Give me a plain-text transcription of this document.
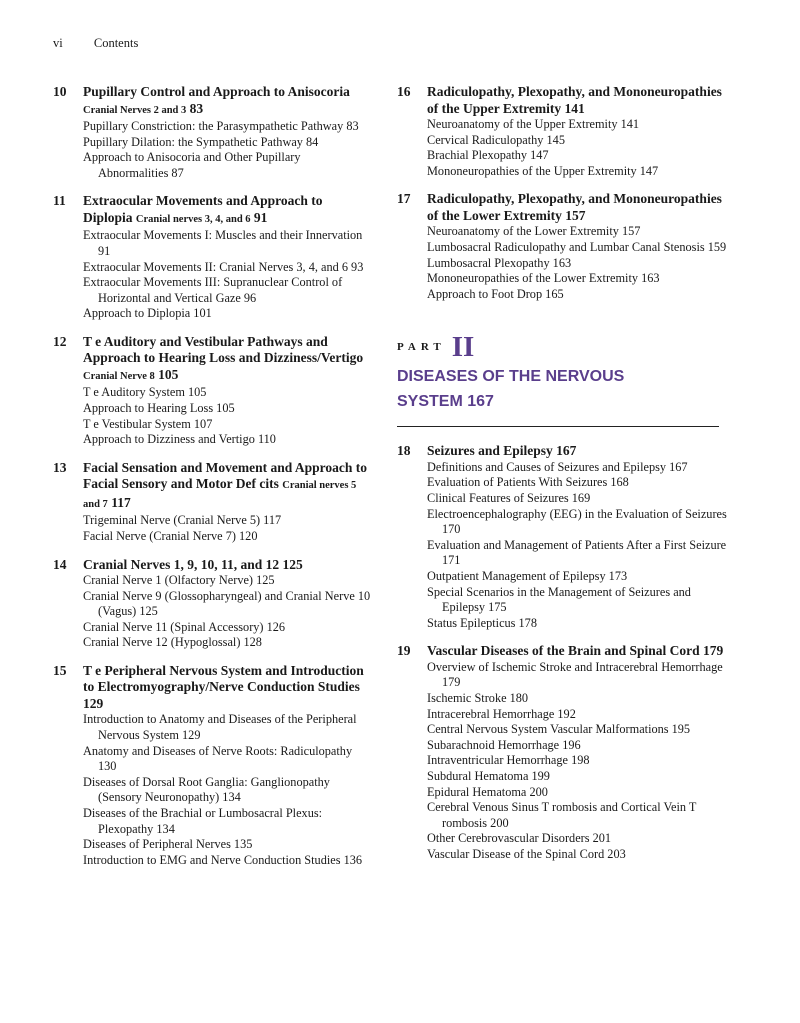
vi Contents
10	Pupillary Control and Approach to Anisocoria Cranial Nerves 2 and 3 83
Pupillary Constriction: the Parasympathetic Pathway 83
Pupillary Dilation: the Sympathetic Pathway 84
Approach to Anisocoria and Other Pupillary Abnormalities 87
11	Extraocular Movements and Approach to Diplopia Cranial nerves 3, 4, and 6 91
Extraocular Movements I: Muscles and their Innervation 91
Extraocular Movements II: Cranial Nerves 3, 4, and 6 93
Extraocular Movements III: Supranuclear Control of Horizontal and Vertical Gaze 96
Approach to Diplopia 101
12	T e Auditory and Vestibular Pathways and Approach to Hearing Loss and Dizziness/Vertigo Cranial Nerve 8 105
T e Auditory System 105
Approach to Hearing Loss 105
T e Vestibular System 107
Approach to Dizziness and Vertigo 110
13	Facial Sensation and Movement and Approach to Facial Sensory and Motor Def cits Cranial nerves 5 and 7 117
Trigeminal Nerve (Cranial Nerve 5) 117
Facial Nerve (Cranial Nerve 7) 120
14	Cranial Nerves 1, 9, 10, 11, and 12 125
Cranial Nerve 1 (Olfactory Nerve) 125
Cranial Nerve 9 (Glossopharyngeal) and Cranial Nerve 10 (Vagus) 125
Cranial Nerve 11 (Spinal Accessory) 126
Cranial Nerve 12 (Hypoglossal) 128
15	T e Peripheral Nervous System and Introduction to Electromyography/Nerve Conduction Studies 129
Introduction to Anatomy and Diseases of the Peripheral Nervous System 129
Anatomy and Diseases of Nerve Roots: Radiculopathy 130
Diseases of Dorsal Root Ganglia: Ganglionopathy (Sensory Neuronopathy) 134
Diseases of the Brachial or Lumbosacral Plexus: Plexopathy 134
Diseases of Peripheral Nerves 135
Introduction to EMG and Nerve Conduction Studies 136
16	Radiculopathy, Plexopathy, and Mononeuropathies of the Upper Extremity 141
Neuroanatomy of the Upper Extremity 141
Cervical Radiculopathy 145
Brachial Plexopathy 147
Mononeuropathies of the Upper Extremity 147
17	Radiculopathy, Plexopathy, and Mononeuropathies of the Lower Extremity 157
Neuroanatomy of the Lower Extremity 157
Lumbosacral Radiculopathy and Lumbar Canal Stenosis 159
Lumbosacral Plexopathy 163
Mononeuropathies of the Lower Extremity 163
Approach to Foot Drop 165
PART II
DISEASES OF THE NERVOUS
SYSTEM 167
18	Seizures and Epilepsy 167
Definitions and Causes of Seizures and Epilepsy 167
Evaluation of Patients With Seizures 168
Clinical Features of Seizures 169
Electroencephalography (EEG) in the Evaluation of Seizures 170
Evaluation and Management of Patients After a First Seizure 171
Outpatient Management of Epilepsy 173
Special Scenarios in the Management of Seizures and Epilepsy 175
Status Epilepticus 178
19	Vascular Diseases of the Brain and Spinal Cord 179
Overview of Ischemic Stroke and Intracerebral Hemorrhage 179
Ischemic Stroke 180
Intracerebral Hemorrhage 192
Central Nervous System Vascular Malformations 195
Subarachnoid Hemorrhage 196
Intraventricular Hemorrhage 198
Subdural Hematoma 199
Epidural Hematoma 200
Cerebral Venous Sinus T rombosis and Cortical Vein T rombosis 200
Other Cerebrovascular Disorders 201
Vascular Disease of the Spinal Cord 203
